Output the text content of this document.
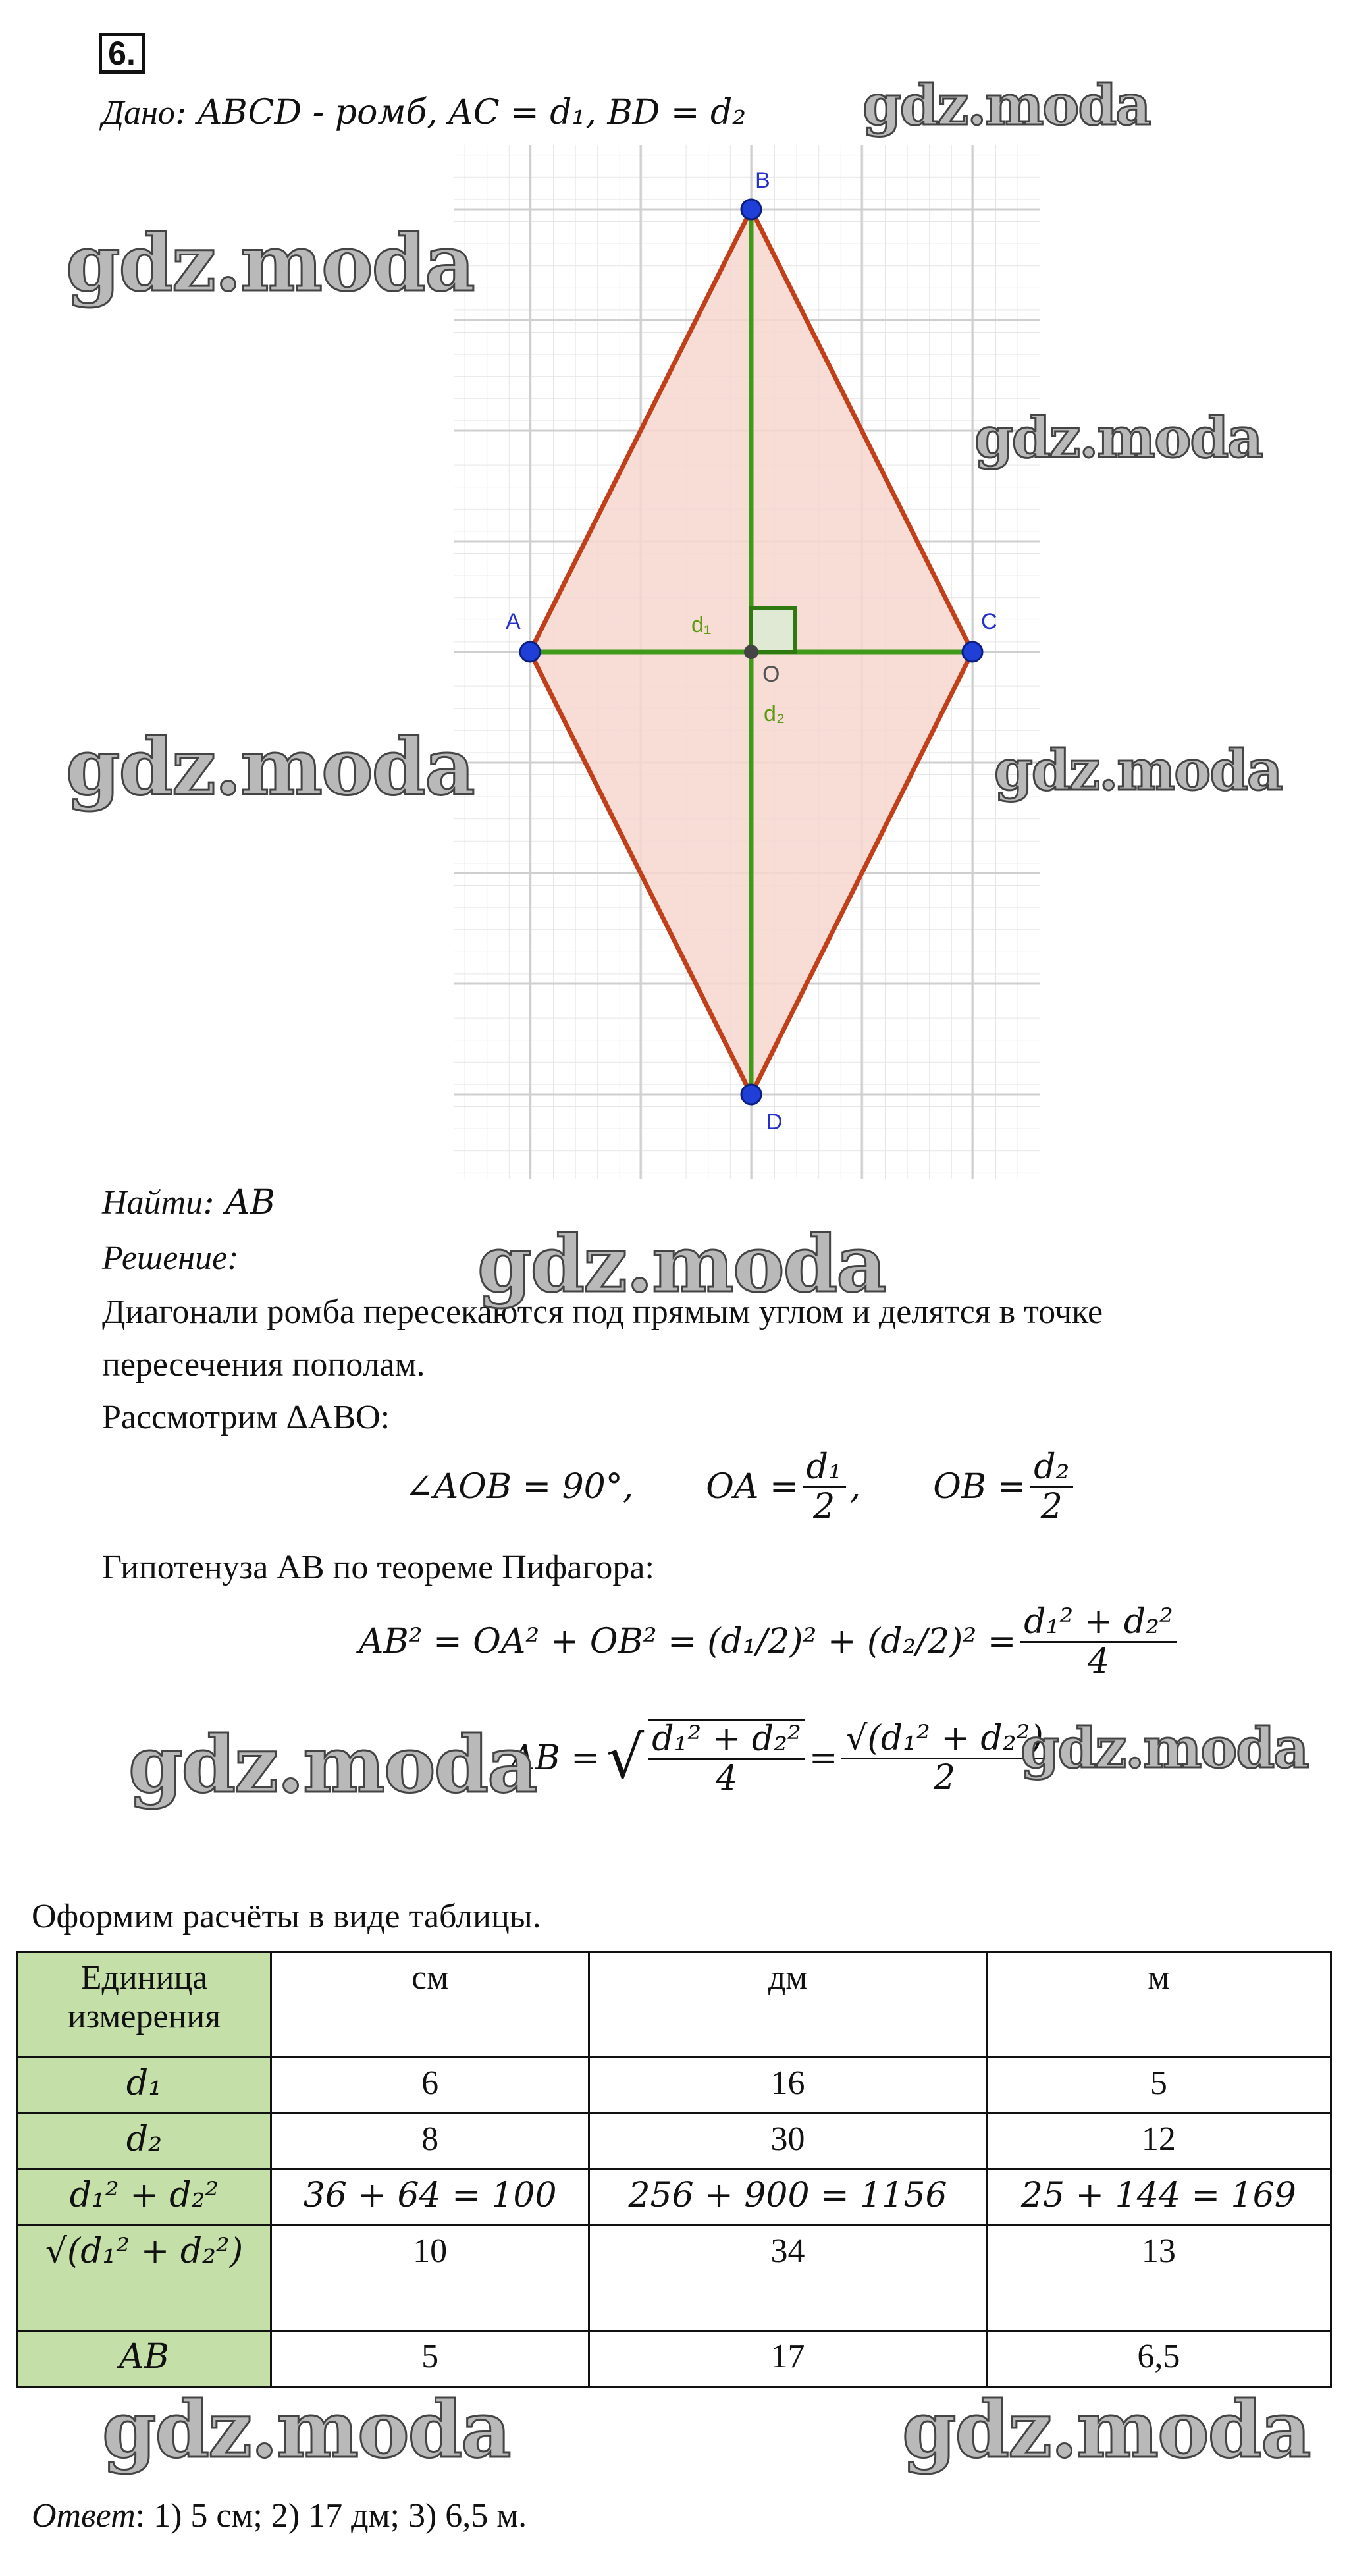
6.
Дано: ABCD - ромб, AC = d₁, BD = d₂
A
B
C
D
O
d₁
d₂
Найти: AB
Решение:
Диагонали ромба пересекаются под прямым углом и делятся в точке
пересечения пополам.
Рассмотрим ΔABO:
∠AOB = 90°, OA = $\frac{\text{d₁}}{2}$ , OB = $\frac{\text{d₂}}{2}$
Гипотенуза AB по теореме Пифагора:
$AB^2 = OA^2 + OB^2 = (d_1/2)^2 + (d_2/2)^2 = \frac{\text{d₁² + d₂²}}{4}$
AB = √ $\frac{\text{d₁² + d₂²}}{4} = \frac{\text{√(d₁² + d₂²)}}{2}$
Оформим расчёты в виде таблицы.
Единица измерения	см	дм	м
d₁	6	16	5
d₂	8	30	12
d₁² + d₂²	36 + 64 = 100	256 + 900 = 1156	25 + 144 = 169
√(d₁² + d₂²)	10	34	13
AB	5	17	6,5
Ответ: 1) 5 см; 2) 17 дм; 3) 6,5 м.
gdz.moda
gdz.moda
gdz.moda
gdz.moda	gdz.moda
gdz.moda
gdz.moda	gdz.moda
gdz.moda	gdz.moda
